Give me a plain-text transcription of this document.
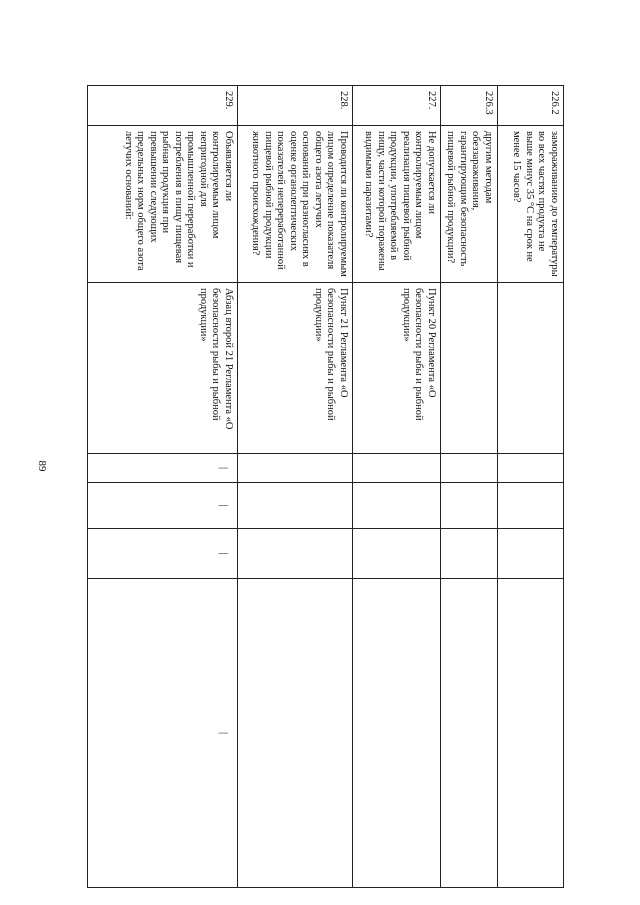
89
226.2	замораживанию до температуры во всех частях продукта не выше минус 35 °С на срок не менее 15 часов?					
226.3	другим методам обеззараживания, гарантирующим безопасность пищевой рыбной продукции?					
227.	Не допускается ли контролируемым лицом реализация пищевой рыбной продукции, употребляемой в пищу, части которой поражены видимыми паразитами?	Пункт 20 Регламента «О безопасности рыбы и рыбной продукции»				
228.	Проводится ли контролируемым лицом определение показателя общего азота летучих оснований при разногласиях в оценке органолептических показателей непереработанной пищевой рыбной продукции животного происхождения?	Пункт 21 Регламента «О безопасности рыбы и рыбной продукции»				
229.	Объявляется ли контролируемым лицом непригодной для промышленной переработки и потребления в пищу пищевая рыбная продукция при превышении следующих предельных норм общего азота летучих оснований:	Абзац второй 21 Регламента «О безопасности рыбы и рыбной продукции»	|	|	|	|
